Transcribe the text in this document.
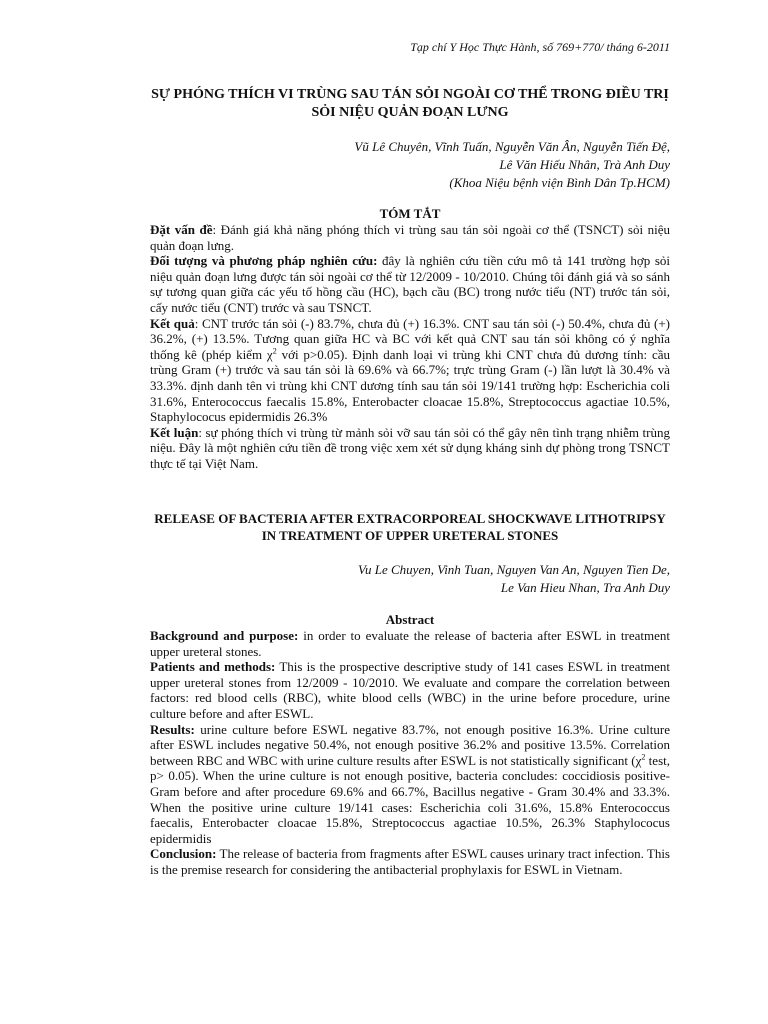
Tạp chí Y Học Thực Hành, số 769+770/ tháng 6-2011
SỰ PHÓNG THÍCH VI TRÙNG SAU TÁN SỎI NGOÀI CƠ THỂ TRONG ĐIỀU TRỊ SỎI NIỆU QUẢN ĐOẠN LƯNG
Vũ Lê Chuyên, Vĩnh Tuấn, Nguyễn Văn Ân, Nguyễn Tiến Đệ,
Lê Văn Hiếu Nhân, Trà Anh Duy
(Khoa Niệu bệnh viện Bình Dân Tp.HCM)
TÓM TẮT

Đặt vấn đề: Đánh giá khả năng phóng thích vi trùng sau tán sỏi ngoài cơ thể (TSNCT) sỏi niệu quản đoạn lưng.

Đối tượng và phương pháp nghiên cứu: đây là nghiên cứu tiền cứu mô tả 141 trường hợp sỏi niệu quản đoạn lưng được tán sỏi ngoài cơ thể từ 12/2009 - 10/2010. Chúng tôi đánh giá và so sánh sự tương quan giữa các yếu tố hồng cầu (HC), bạch cầu (BC) trong nước tiểu (NT) trước tán sỏi, cấy nước tiểu (CNT) trước và sau TSNCT.

Kết quả: CNT trước tán sỏi (-) 83.7%, chưa đủ (+) 16.3%. CNT sau tán sỏi (-) 50.4%, chưa đủ (+) 36.2%, (+) 13.5%. Tương quan giữa HC và BC với kết quả CNT sau tán sỏi không có ý nghĩa thống kê (phép kiểm $\chi^2$ với p>0.05). Định danh loại vi trùng khi CNT chưa đủ dương tính: cầu trùng Gram (+) trước và sau tán sỏi là 69.6% và 66.7%; trực trùng Gram (-) lần lượt là 30.4% và 33.3%. định danh tên vi trùng khi CNT dương tính sau tán sỏi 19/141 trường hợp: Escherichia coli 31.6%, Enterococcus faecalis 15.8%, Enterobacter cloacae 15.8%, Streptococcus agactiae 10.5%, Staphylococus epidermidis 26.3%

Kết luận: sự phóng thích vi trùng từ mảnh sỏi vỡ sau tán sỏi có thể gây nên tình trạng nhiễm trùng niệu. Đây là một nghiên cứu tiền đề trong việc xem xét sử dụng kháng sinh dự phòng trong TSNCT thực tế tại Việt Nam.

RELEASE OF BACTERIA AFTER EXTRACORPOREAL SHOCKWAVE LITHOTRIPSY IN TREATMENT OF UPPER URETERAL STONES
Vu Le Chuyen, Vinh Tuan, Nguyen Van An, Nguyen Tien De,
Le Van Hieu Nhan, Tra Anh Duy
Abstract

Background and purpose: in order to evaluate the release of bacteria after ESWL in treatment upper ureteral stones.

Patients and methods: This is the prospective descriptive study of 141 cases ESWL in treatment upper ureteral stones from 12/2009 - 10/2010. We evaluate and compare the correlation between factors: red blood cells (RBC), white blood cells (WBC) in the urine before procedure, urine culture before and after ESWL.

Results: urine culture before ESWL negative 83.7%, not enough positive 16.3%. Urine culture after ESWL includes negative 50.4%, not enough positive 36.2% and positive 13.5%. Correlation between RBC and WBC with urine culture results after ESWL is not statistically significant ($\chi^2$ test, p> 0.05). When the urine culture is not enough positive, bacteria concludes: coccidiosis positive-Gram before and after procedure 69.6% and 66.7%, Bacillus negative - Gram 30.4% and 33.3%. When the positive urine culture 19/141 cases: Escherichia coli 31.6%, 15.8% Enterococcus faecalis, Enterobacter cloacae 15.8%, Streptococcus agactiae 10.5%, 26.3% Staphylococus epidermidis

Conclusion: The release of bacteria from fragments after ESWL causes urinary tract infection. This is the premise research for considering the antibacterial prophylaxis for ESWL in Vietnam.
